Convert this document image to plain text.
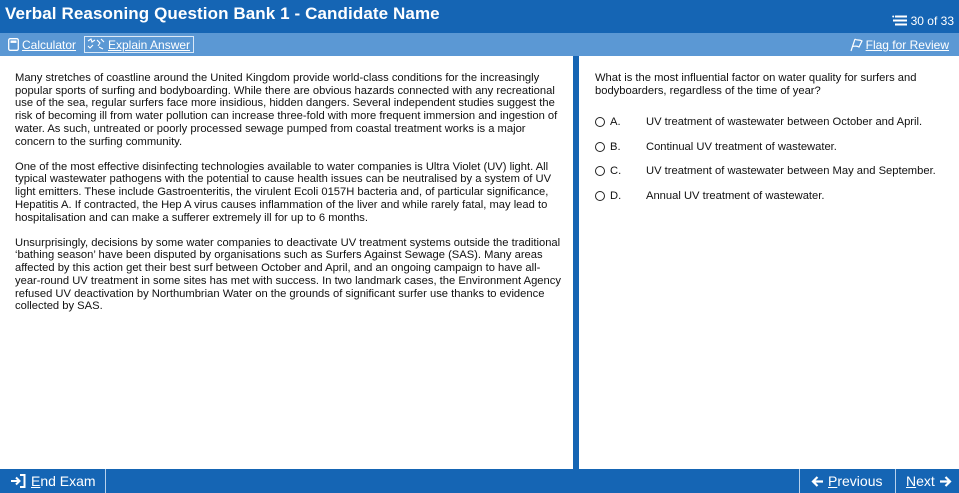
Verbal Reasoning Question Bank 1 - Candidate Name	30 of 33
Calculator	Explain Answer	Flag for Review

Many stretches of coastline around the United Kingdom provide world-class conditions for the increasingly popular sports of surfing and bodyboarding. While there are obvious hazards connected with any recreational use of the sea, regular surfers face more insidious, hidden dangers. Several independent studies suggest the risk of becoming ill from water pollution can increase three-fold with more frequent immersion and ingestion of water. As such, untreated or poorly processed sewage pumped from coastal treatment works is a major concern to the surfing community.

One of the most effective disinfecting technologies available to water companies is Ultra Violet (UV) light. All typical wastewater pathogens with the potential to cause health issues can be neutralised by a system of UV light emitters. These include Gastroenteritis, the virulent Ecoli 0157H bacteria and, of particular significance, Hepatitis A. If contracted, the Hep A virus causes inflammation of the liver and while rarely fatal, may lead to hospitalisation and can make a sufferer extremely ill for up to 6 months.

Unsurprisingly, decisions by some water companies to deactivate UV treatment systems outside the traditional ‘bathing season’ have been disputed by organisations such as Surfers Against Sewage (SAS). Many areas affected by this action get their best surf between October and April, and an ongoing campaign to have all-year-round UV treatment in some sites has met with success. In two landmark cases, the Environment Agency refused UV deactivation by Northumbrian Water on the grounds of significant surfer use thanks to evidence collected by SAS.

What is the most influential factor on water quality for surfers and bodyboarders, regardless of the time of year?
A.	UV treatment of wastewater between October and April.
B.	Continual UV treatment of wastewater.
C.	UV treatment of wastewater between May and September.
D.	Annual UV treatment of wastewater.
End Exam	Previous Next
